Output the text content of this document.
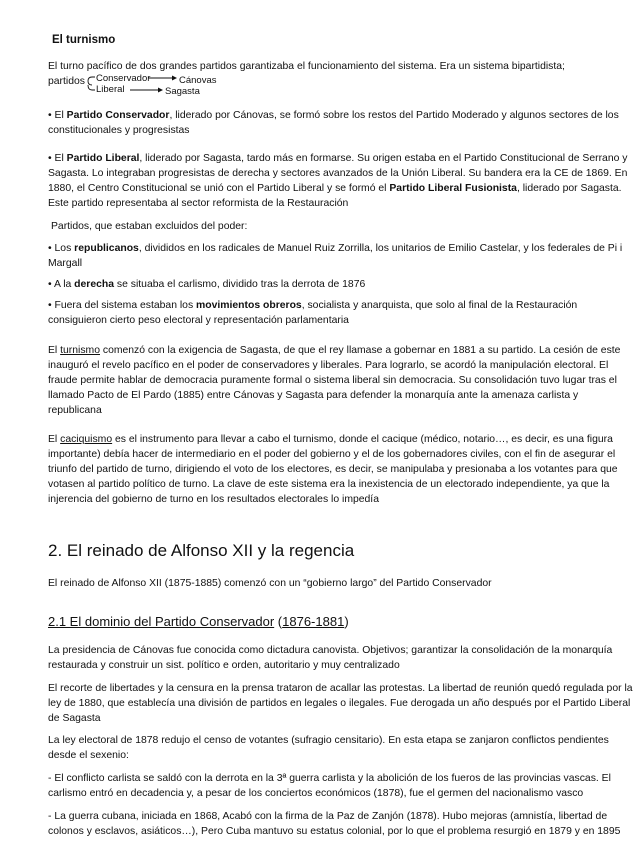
El turnismo

El turno pacífico de dos grandes partidos garantizaba el funcionamiento del sistema. Era un sistema bipartidista;

partidos Conservador
Liberal
Cánovas
Sagasta

• El Partido Conservador, liderado por Cánovas, se formó sobre los restos del Partido Moderado y algunos sectores de los constitucionales y progresistas

• El Partido Liberal, liderado por Sagasta, tardo más en formarse. Su origen estaba en el Partido Constitucional de Serrano y Sagasta. Lo integraban progresistas de derecha y sectores avanzados de la Unión Liberal. Su bandera era la CE de 1869. En 1880, el Centro Constitucional se unió con el Partido Liberal y se formó el Partido Liberal Fusionista, liderado por Sagasta. Este partido representaba al sector reformista de la Restauración

Partidos, que estaban excluidos del poder:

• Los republicanos, divididos en los radicales de Manuel Ruiz Zorrilla, los unitarios de Emilio Castelar, y los federales de Pi i Margall

• A la derecha se situaba el carlismo, dividido tras la derrota de 1876

• Fuera del sistema estaban los movimientos obreros, socialista y anarquista, que solo al final de la Restauración consiguieron cierto peso electoral y representación parlamentaria

El turnismo comenzó con la exigencia de Sagasta, de que el rey llamase a gobernar en 1881 a su partido. La cesión de este inauguró el revelo pacífico en el poder de conservadores y liberales. Para lograrlo, se acordó la manipulación electoral. El fraude permite hablar de democracia puramente formal o sistema liberal sin democracia. Su consolidación tuvo lugar tras el llamado Pacto de El Pardo (1885) entre Cánovas y Sagasta para defender la monarquía ante la amenaza carlista y republicana

El caciquismo es el instrumento para llevar a cabo el turnismo, donde el cacique (médico, notario…, es decir, es una figura importante) debía hacer de intermediario en el poder del gobierno y el de los gobernadores civiles, con el fin de asegurar el triunfo del partido de turno, dirigiendo el voto de los electores, es decir, se manipulaba y presionaba a los votantes para que votasen al partido político de turno. La clave de este sistema era la inexistencia de un electorado independiente, ya que la injerencia del gobierno de turno en los resultados electorales lo impedía

2. El reinado de Alfonso XII y la regencia

El reinado de Alfonso XII (1875-1885) comenzó con un “gobierno largo” del Partido Conservador

2.1 El dominio del Partido Conservador (1876-1881)

La presidencia de Cánovas fue conocida como dictadura canovista. Objetivos; garantizar la consolidación de la monarquía restaurada y construir un sist. político e orden, autoritario y muy centralizado

El recorte de libertades y la censura en la prensa trataron de acallar las protestas. La libertad de reunión quedó regulada por la ley de 1880, que establecía una división de partidos en legales o ilegales. Fue derogada un año después por el Partido Liberal de Sagasta

La ley electoral de 1878 redujo el censo de votantes (sufragio censitario). En esta etapa se zanjaron conflictos pendientes desde el sexenio:

- El conflicto carlista se saldó con la derrota en la 3ª guerra carlista y la abolición de los fueros de las provincias vascas. El carlismo entró en decadencia y, a pesar de los conciertos económicos (1878), fue el germen del nacionalismo vasco

- La guerra cubana, iniciada en 1868, Acabó con la firma de la Paz de Zanjón (1878). Hubo mejoras (amnistía, libertad de colonos y esclavos, asiáticos…), Pero Cuba mantuvo su estatus colonial, por lo que el problema resurgió en 1879 y en 1895
